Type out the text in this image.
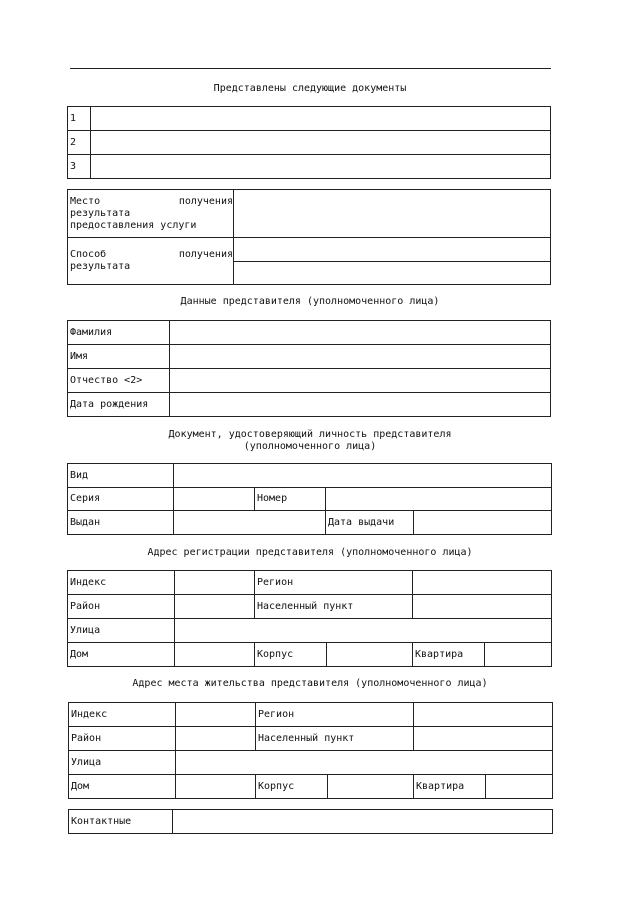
Представлены следующие документы
1	
2	
3	
Место получения
результата
предоставления услуги	

Способ получения
результата	

Данные представителя (уполномоченного лица)
Фамилия	
Имя	
Отчество <2>	
Дата рождения	
Документ, удостоверяющий личность представителя
(уполномоченного лица)
Вид				
Серия		Номер		
Выдан			Дата выдачи	
Адрес регистрации представителя (уполномоченного лица)
Индекс		Регион			
Район		Населенный пункт			
Улица					
Дом		Корпус		Квартира	
Адрес места жительства представителя (уполномоченного лица)
Индекс		Регион			
Район		Населенный пункт			
Улица					
Дом		Корпус		Квартира	
Контактные	
